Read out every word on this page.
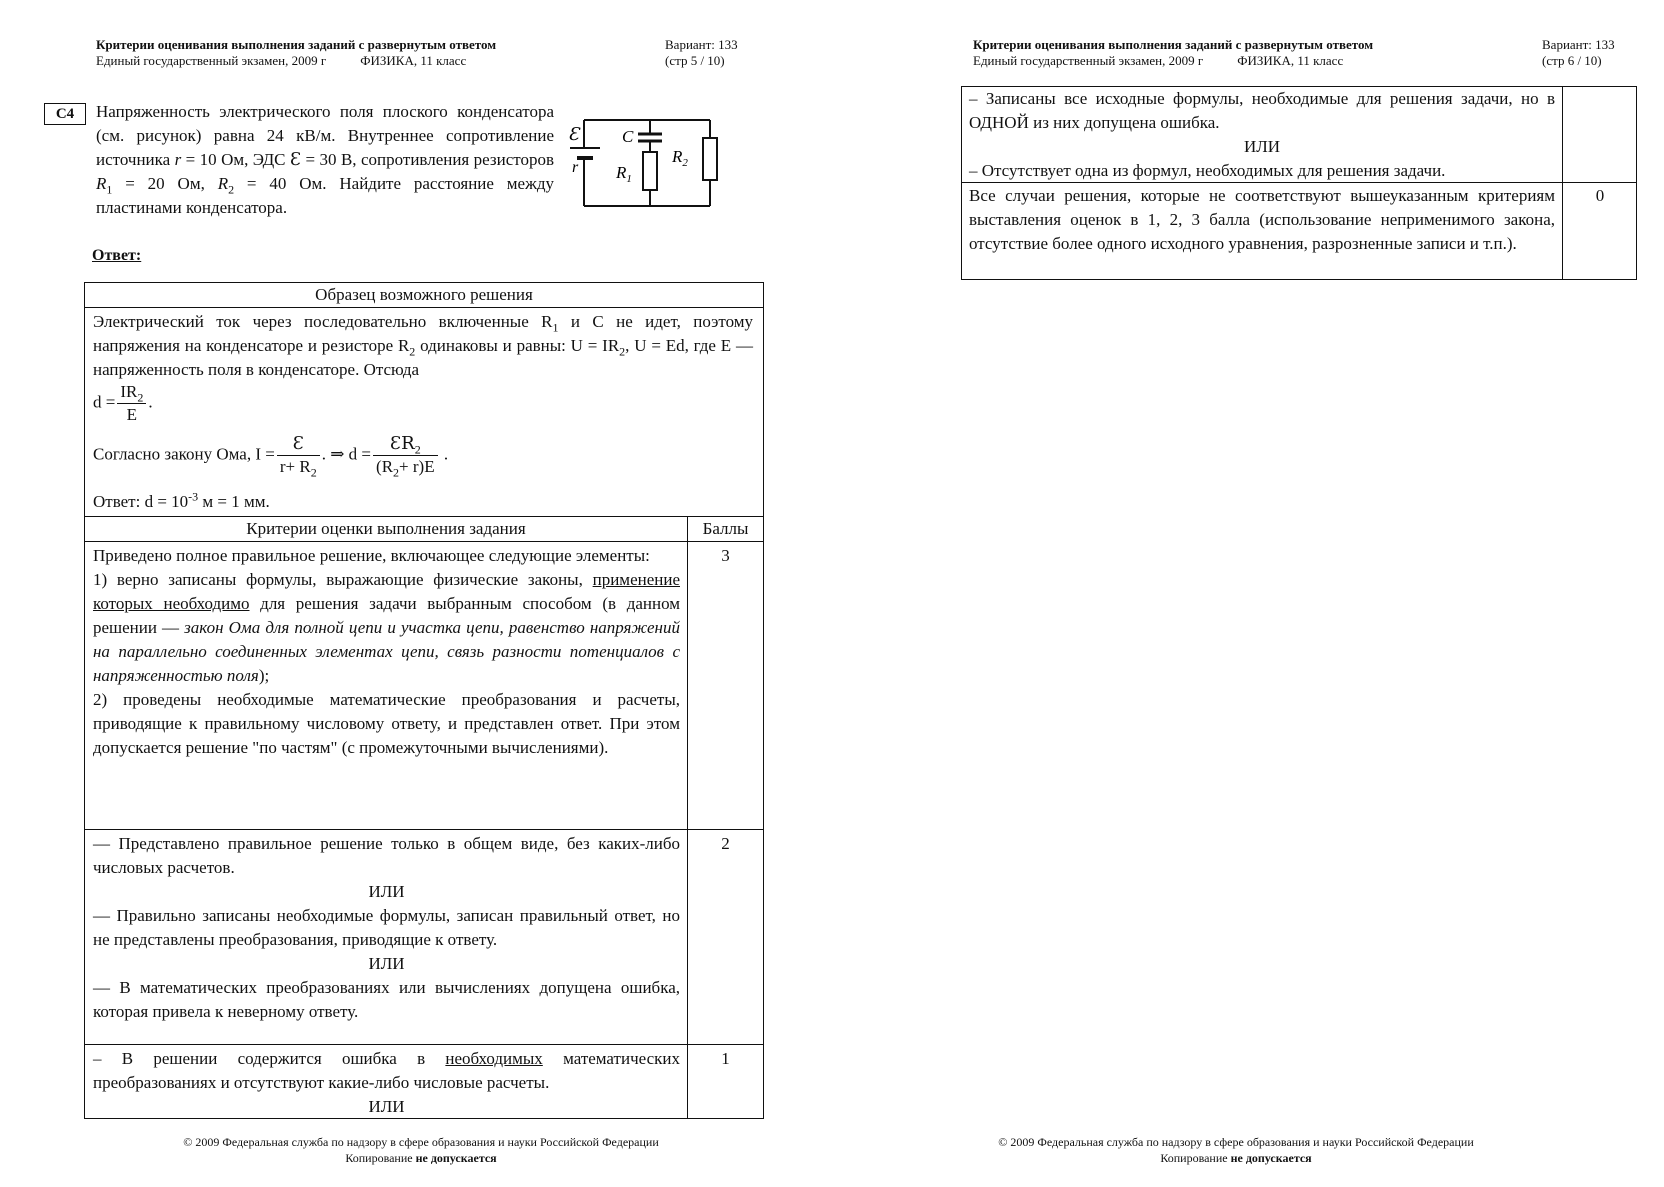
Критерии оценивания выполнения заданий с развернутым ответом
Единый государственный экзамен, 2009 г	ФИЗИКА, 11 класс
Вариант: 133
(стр 5 / 10)
C4	Напряженность электрического поля плоского конденсатора (см. рисунок) равна 24 кВ/м. Внутреннее сопротивление источника r = 10 Ом, ЭДС Ɛ = 30 В, сопротивления резисторов $R_1 = 20$ Ом, $R_2 = 40$ Ом. Найдите расстояние между пластинами конденсатора.
Ответ:
Ɛ
r
C
$R_1$
$R_2$
Образец возможного решения
Электрический ток через последовательно включенные $R_1$ и С не идет, поэтому напряжения на конденсаторе и резисторе $R_2$ одинаковы и равны: $U = IR_2$, U = Ed, где E — напряженность поля в конденсаторе. Отсюда
$d = \frac{IR_2}{E}$ .
Согласно закону Ома, $I = \frac{Ɛ}{r+ R_2}$ . ⇒ $d = \frac{ƐR_2}{(R_2+ r)E}$ .
Ответ: $d = 10^{-3}$ м = 1 мм.
Критерии оценки выполнения задания	Баллы
Приведено полное правильное решение, включающее следующие элементы:
1) верно записаны формулы, выражающие физические законы, применение которых необходимо для решения задачи выбранным способом (в данном решении — закон Ома для полной цепи и участка цепи, равенство напряжений на параллельно соединенных элементах цепи, связь разности потенциалов с напряженностью поля);
2) проведены необходимые математические преобразования и расчеты, приводящие к правильному числовому ответу, и представлен ответ. При этом допускается решение "по частям" (с промежуточными вычислениями).
3
— Представлено правильное решение только в общем виде, без каких-либо числовых расчетов.
ИЛИ
— Правильно записаны необходимые формулы, записан правильный ответ, но не представлены преобразования, приводящие к ответу.
ИЛИ
— В математических преобразованиях или вычислениях допущена ошибка, которая привела к неверному ответу.
2
– В решении содержится ошибка в необходимых математических преобразованиях и отсутствуют какие-либо числовые расчеты.
ИЛИ
1
© 2009 Федеральная служба по надзору в сфере образования и науки Российской Федерации
Копирование не допускается
Критерии оценивания выполнения заданий с развернутым ответом
Единый государственный экзамен, 2009 г	ФИЗИКА, 11 класс
Вариант: 133
(стр 6 / 10)
– Записаны все исходные формулы, необходимые для решения задачи, но в ОДНОЙ из них допущена ошибка.
ИЛИ
– Отсутствует одна из формул, необходимых для решения задачи.
Все случаи решения, которые не соответствуют вышеуказанным критериям выставления оценок в 1, 2, 3 балла (использование неприменимого закона, отсутствие более одного исходного уравнения, разрозненные записи и т.п.).
0
© 2009 Федеральная служба по надзору в сфере образования и науки Российской Федерации
Копирование не допускается
